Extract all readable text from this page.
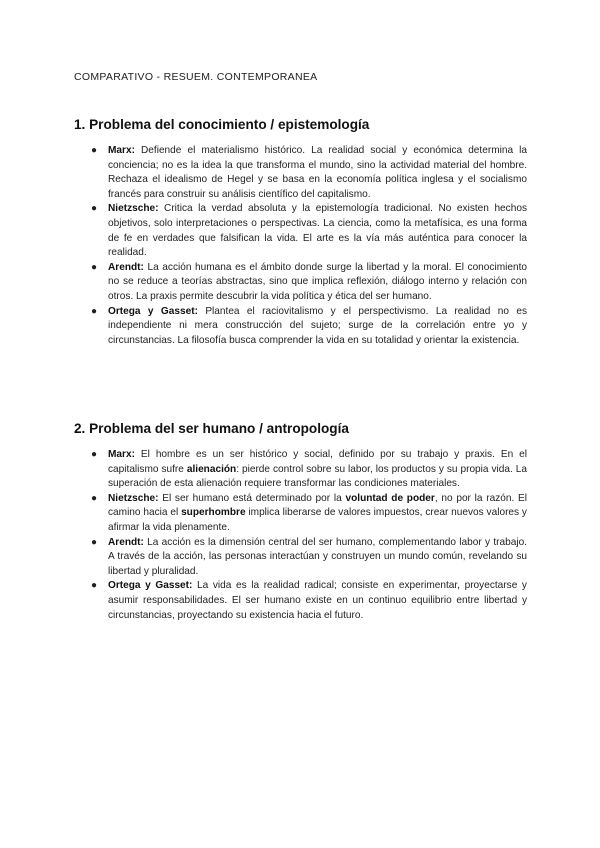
COMPARATIVO - RESUEM. CONTEMPORANEA
1. Problema del conocimiento / epistemología
● Marx: Defiende el materialismo histórico. La realidad social y económica determina la conciencia; no es la idea la que transforma el mundo, sino la actividad material del hombre. Rechaza el idealismo de Hegel y se basa en la economía política inglesa y el socialismo francés para construir su análisis científico del capitalismo.
● Nietzsche: Critica la verdad absoluta y la epistemología tradicional. No existen hechos objetivos, solo interpretaciones o perspectivas. La ciencia, como la metafísica, es una forma de fe en verdades que falsifican la vida. El arte es la vía más auténtica para conocer la realidad.
● Arendt: La acción humana es el ámbito donde surge la libertad y la moral. El conocimiento no se reduce a teorías abstractas, sino que implica reflexión, diálogo interno y relación con otros. La praxis permite descubrir la vida política y ética del ser humano.
● Ortega y Gasset: Plantea el raciovitalismo y el perspectivismo. La realidad no es independiente ni mera construcción del sujeto; surge de la correlación entre yo y circunstancias. La filosofía busca comprender la vida en su totalidad y orientar la existencia.
2. Problema del ser humano / antropología
● Marx: El hombre es un ser histórico y social, definido por su trabajo y praxis. En el capitalismo sufre alienación: pierde control sobre su labor, los productos y su propia vida. La superación de esta alienación requiere transformar las condiciones materiales.
● Nietzsche: El ser humano está determinado por la voluntad de poder, no por la razón. El camino hacia el superhombre implica liberarse de valores impuestos, crear nuevos valores y afirmar la vida plenamente.
● Arendt: La acción es la dimensión central del ser humano, complementando labor y trabajo. A través de la acción, las personas interactúan y construyen un mundo común, revelando su libertad y pluralidad.
● Ortega y Gasset: La vida es la realidad radical; consiste en experimentar, proyectarse y asumir responsabilidades. El ser humano existe en un continuo equilibrio entre libertad y circunstancias, proyectando su existencia hacia el futuro.
